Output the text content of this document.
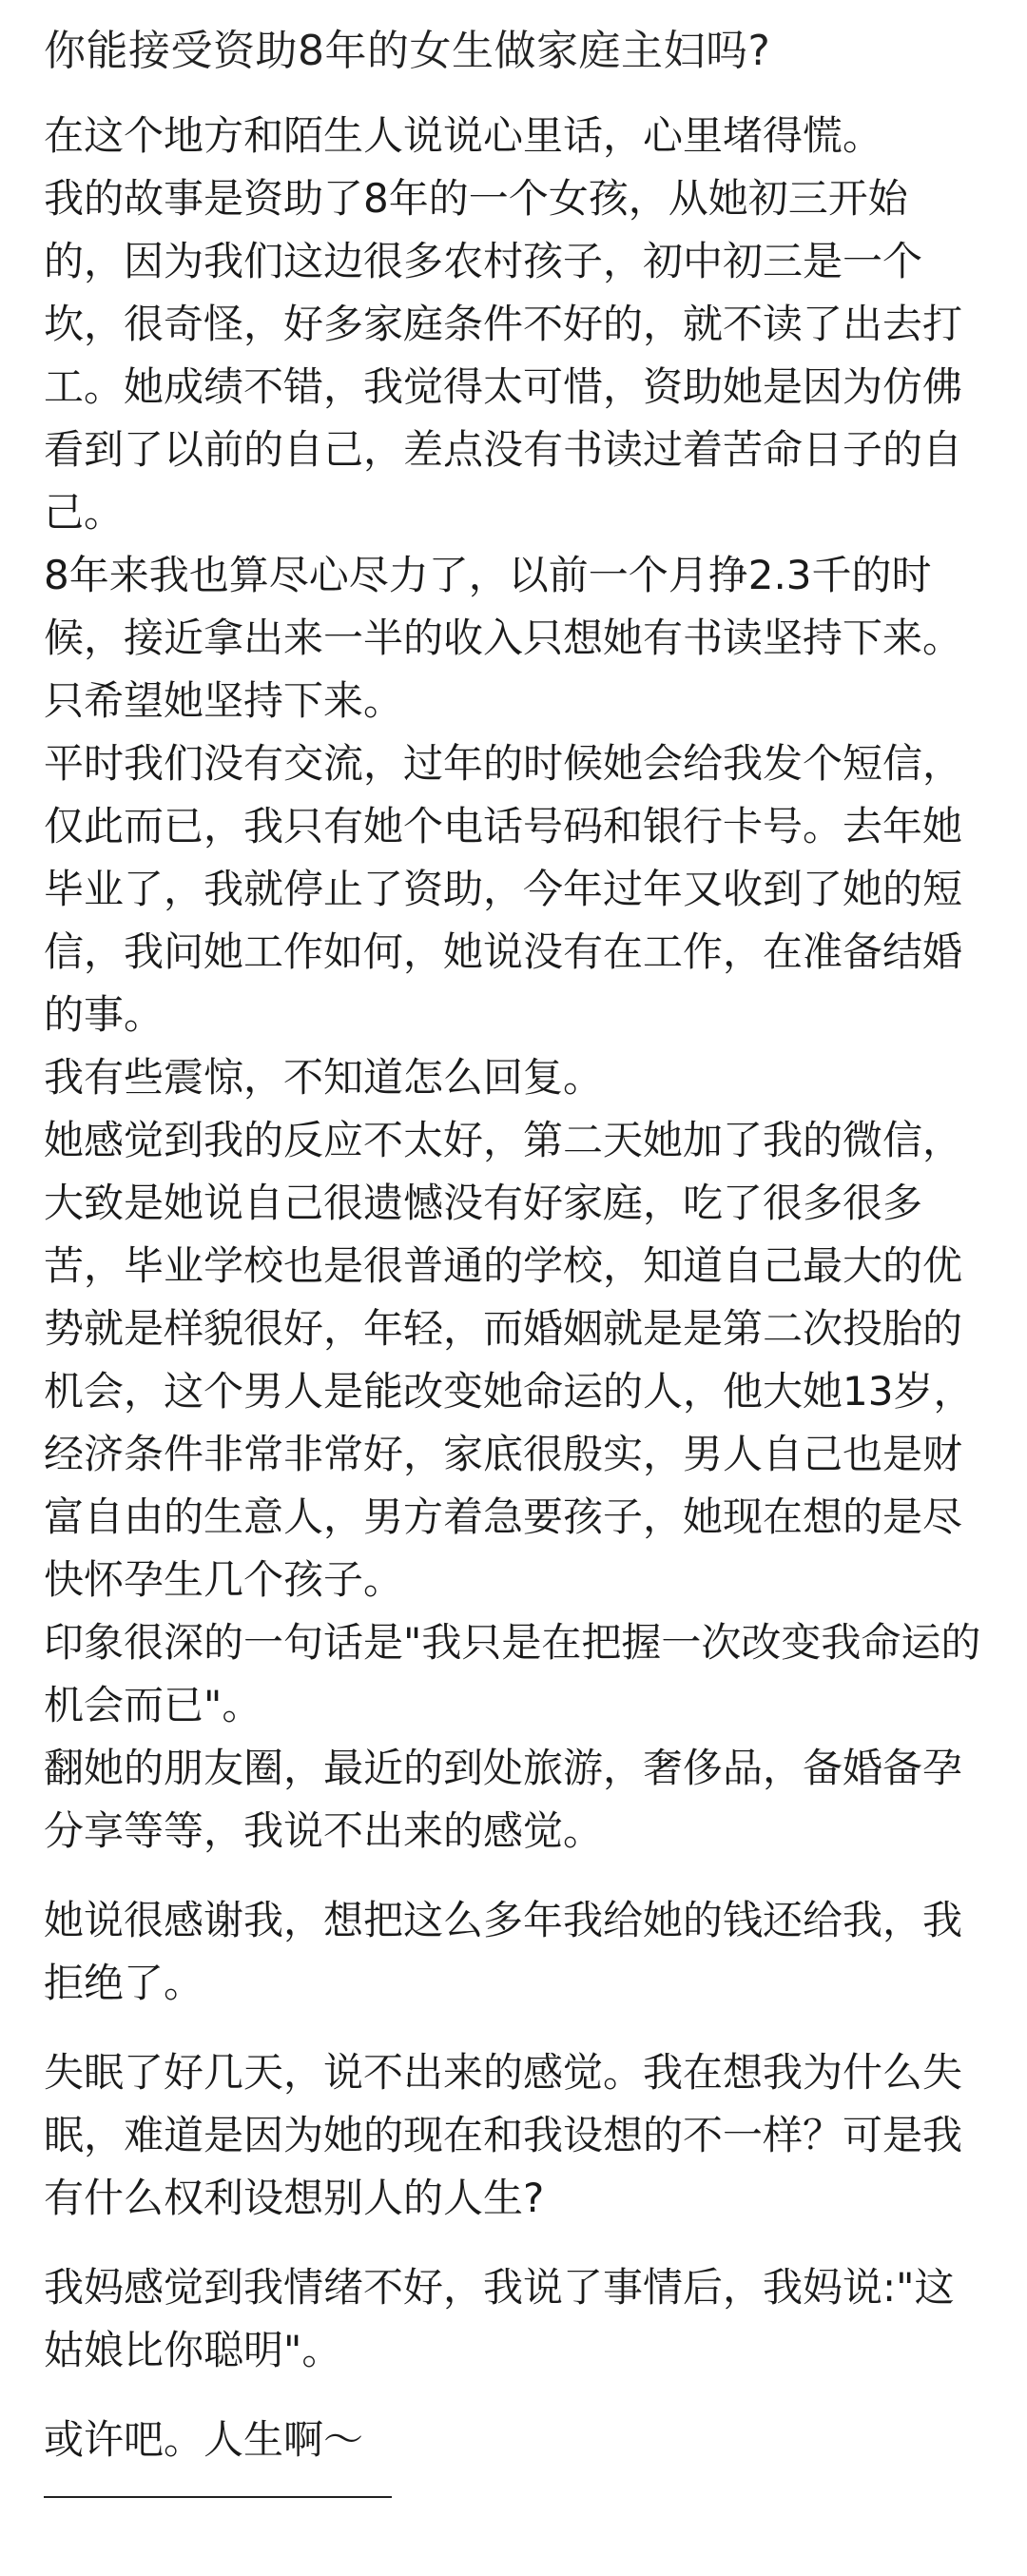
你能接受资助8年的女生做家庭主妇吗?

在这个地方和陌生人说说心里话，心里堵得慌。

我的故事是资助了8年的一个女孩，从她初三开始的，因为我们这边很多农村孩子，初中初三是一个坎，很奇怪，好多家庭条件不好的，就不读了出去打工。她成绩不错，我觉得太可惜，资助她是因为仿佛看到了以前的自己，差点没有书读过着苦命日子的自己。

8年来我也算尽心尽力了，以前一个月挣2.3千的时候，接近拿出来一半的收入只想她有书读坚持下来。只希望她坚持下来。

平时我们没有交流，过年的时候她会给我发个短信，仅此而已，我只有她个电话号码和银行卡号。去年她毕业了，我就停止了资助，今年过年又收到了她的短信，我问她工作如何，她说没有在工作，在准备结婚的事。

我有些震惊，不知道怎么回复。

她感觉到我的反应不太好，第二天她加了我的微信，大致是她说自己很遗憾没有好家庭，吃了很多很多苦，毕业学校也是很普通的学校，知道自己最大的优势就是样貌很好，年轻，而婚姻就是是第二次投胎的机会，这个男人是能改变她命运的人，他大她13岁，经济条件非常非常好，家底很殷实，男人自己也是财富自由的生意人，男方着急要孩子，她现在想的是尽快怀孕生几个孩子。

印象很深的一句话是"我只是在把握一次改变我命运的机会而已"。

翻她的朋友圈，最近的到处旅游，奢侈品，备婚备孕分享等等，我说不出来的感觉。

她说很感谢我，想把这么多年我给她的钱还给我，我拒绝了。

失眠了好几天，说不出来的感觉。我在想我为什么失眠，难道是因为她的现在和我设想的不一样？可是我有什么权利设想别人的人生?

我妈感觉到我情绪不好，我说了事情后，我妈说:"这姑娘比你聪明"。

或许吧。人生啊～
